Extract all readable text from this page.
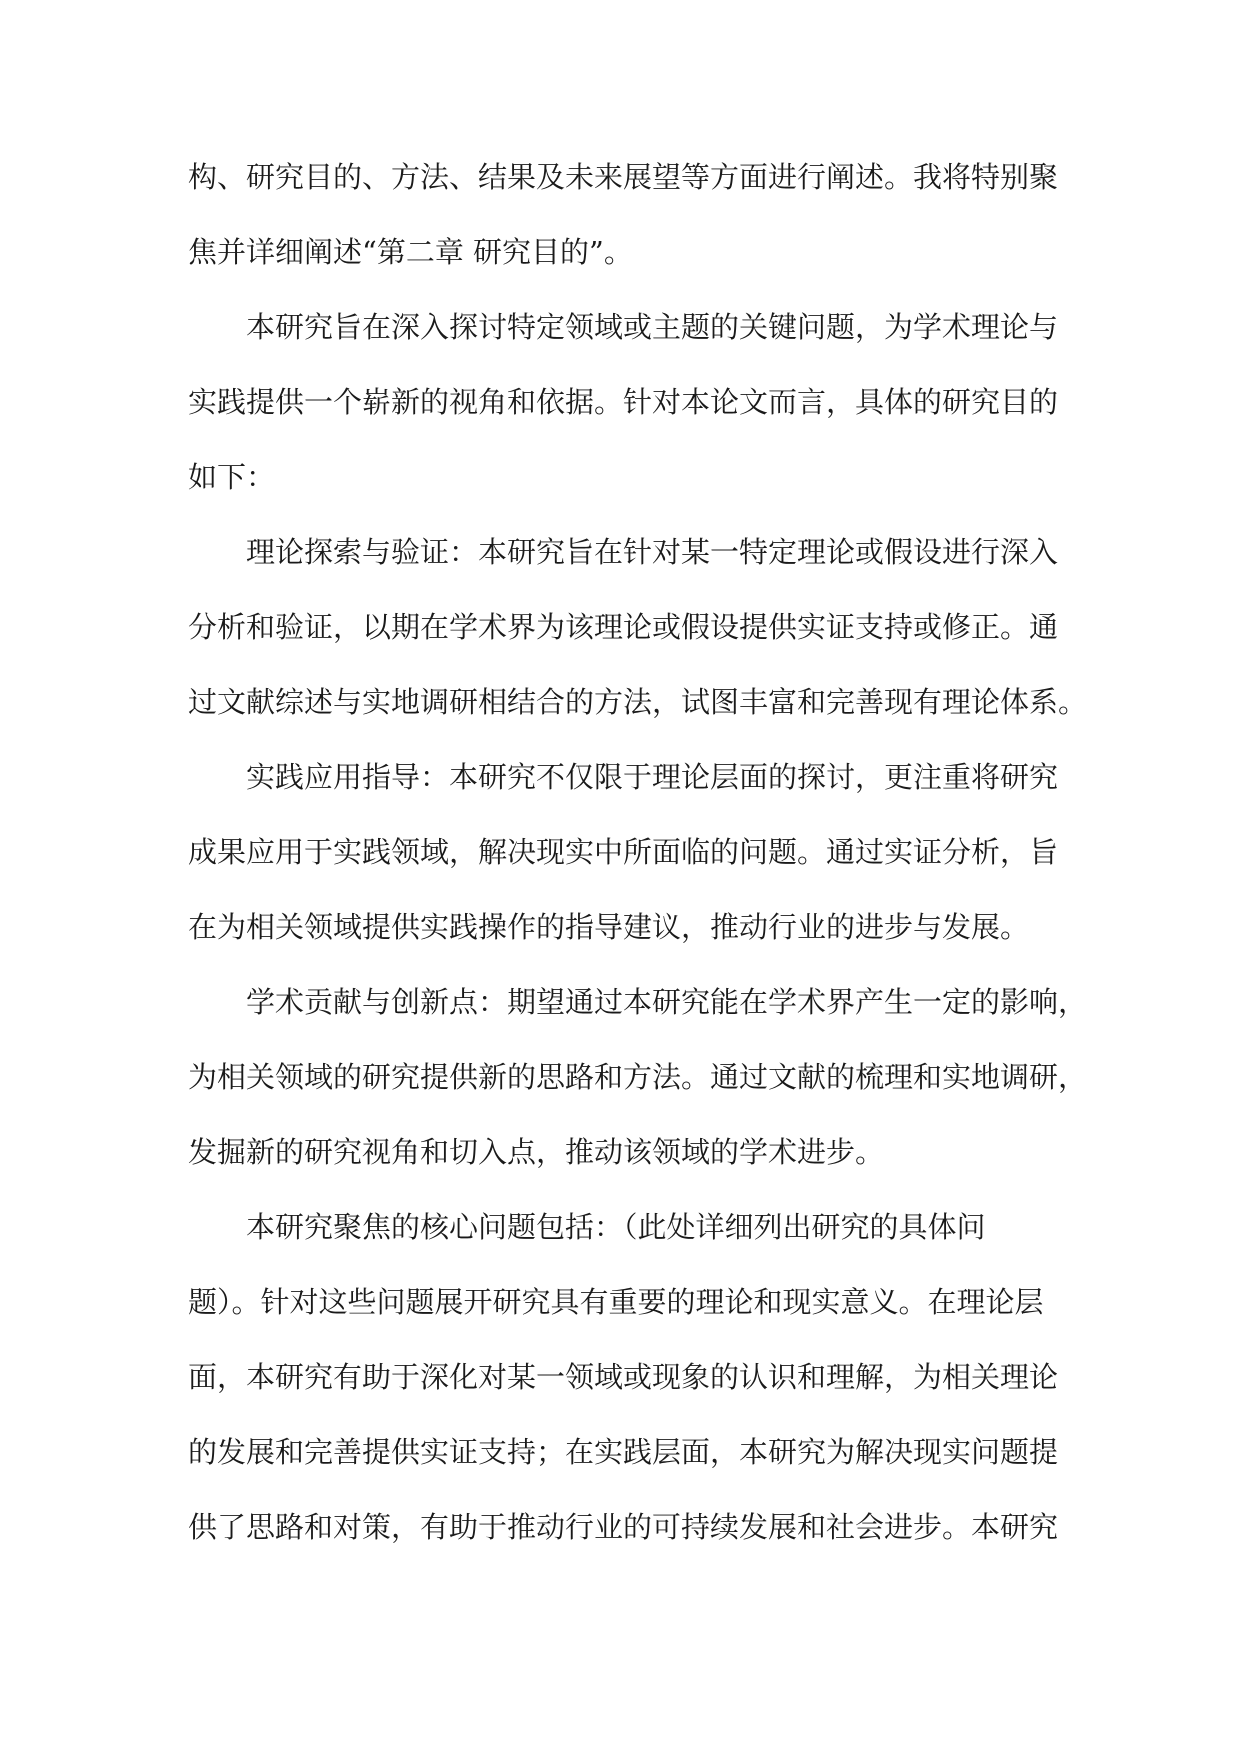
构、研究目的、方法、结果及未来展望等方面进行阐述。我将特别聚
焦并详细阐述“第二章 研究目的”。
本研究旨在深入探讨特定领域或主题的关键问题，为学术理论与
实践提供一个崭新的视角和依据。针对本论文而言，具体的研究目的
如下：
理论探索与验证：本研究旨在针对某一特定理论或假设进行深入
分析和验证，以期在学术界为该理论或假设提供实证支持或修正。通
过文献综述与实地调研相结合的方法，试图丰富和完善现有理论体系。
实践应用指导：本研究不仅限于理论层面的探讨，更注重将研究
成果应用于实践领域，解决现实中所面临的问题。通过实证分析，旨
在为相关领域提供实践操作的指导建议，推动行业的进步与发展。
学术贡献与创新点：期望通过本研究能在学术界产生一定的影响，
为相关领域的研究提供新的思路和方法。通过文献的梳理和实地调研，
发掘新的研究视角和切入点，推动该领域的学术进步。
本研究聚焦的核心问题包括：（此处详细列出研究的具体问
题）。针对这些问题展开研究具有重要的理论和现实意义。在理论层
面，本研究有助于深化对某一领域或现象的认识和理解，为相关理论
的发展和完善提供实证支持；在实践层面，本研究为解决现实问题提
供了思路和对策，有助于推动行业的可持续发展和社会进步。本研究
